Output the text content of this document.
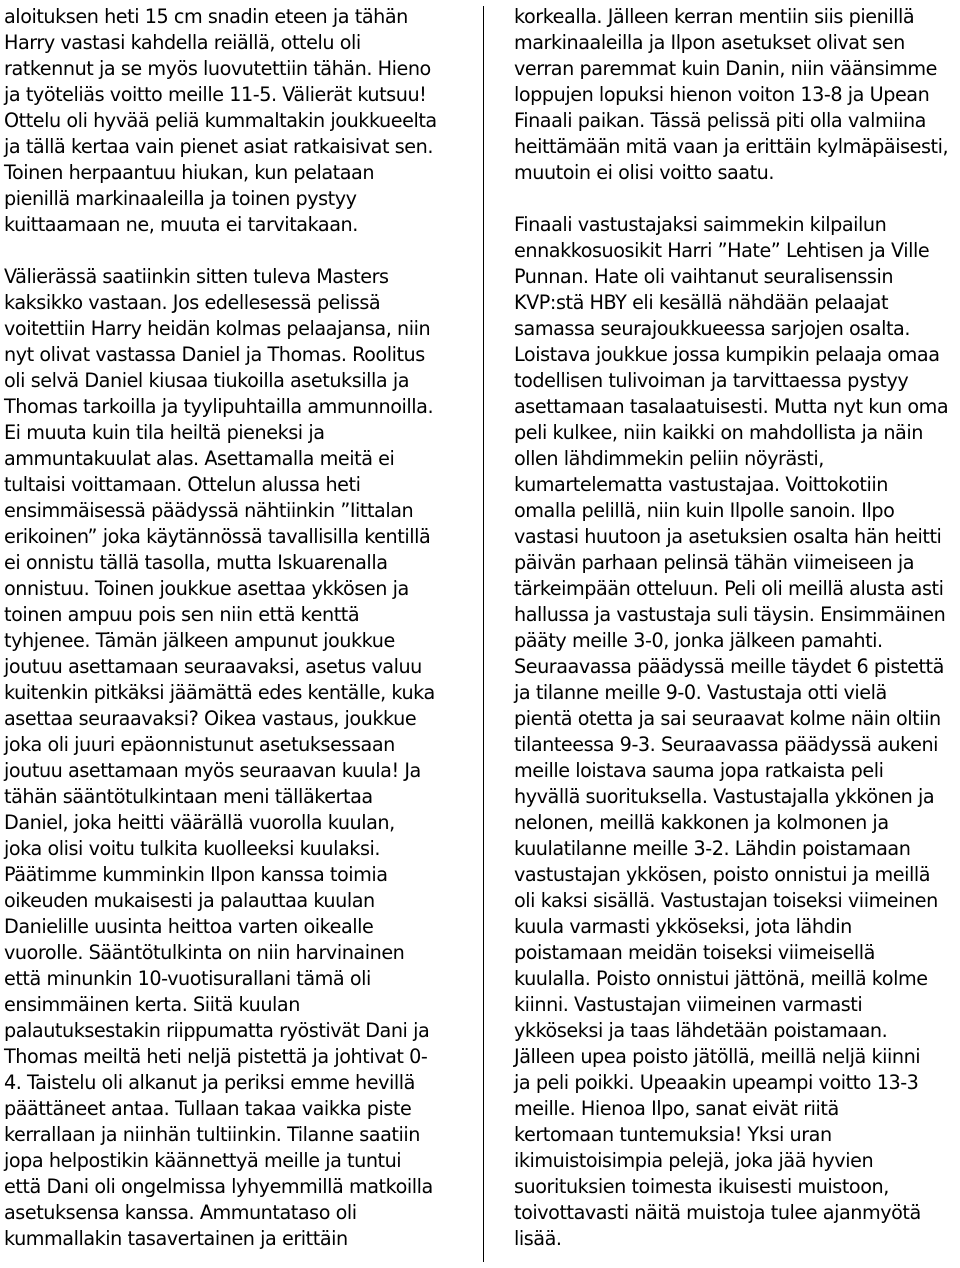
aloituksen heti 15 cm snadin eteen ja tähän
Harry vastasi kahdella reiällä, ottelu oli
ratkennut ja se myös luovutettiin tähän. Hieno
ja työteliäs voitto meille 11-5. Välierät kutsuu!
Ottelu oli hyvää peliä kummaltakin joukkueelta
ja tällä kertaa vain pienet asiat ratkaisivat sen.
Toinen herpaantuu hiukan, kun pelataan
pienillä markinaaleilla ja toinen pystyy
kuittaamaan ne, muuta ei tarvitakaan.
Välierässä saatiinkin sitten tuleva Masters
kaksikko vastaan. Jos edellesessä pelissä
voitettiin Harry heidän kolmas pelaajansa, niin
nyt olivat vastassa Daniel ja Thomas. Roolitus
oli selvä Daniel kiusaa tiukoilla asetuksilla ja
Thomas tarkoilla ja tyylipuhtailla ammunnoilla.
Ei muuta kuin tila heiltä pieneksi ja
ammuntakuulat alas. Asettamalla meitä ei
tultaisi voittamaan. Ottelun alussa heti
ensimmäisessä päädyssä nähtiinkin ”Iittalan
erikoinen” joka käytännössä tavallisilla kentillä
ei onnistu tällä tasolla, mutta Iskuarenalla
onnistuu. Toinen joukkue asettaa ykkösen ja
toinen ampuu pois sen niin että kenttä
tyhjenee. Tämän jälkeen ampunut joukkue
joutuu asettamaan seuraavaksi, asetus valuu
kuitenkin pitkäksi jäämättä edes kentälle, kuka
asettaa seuraavaksi? Oikea vastaus, joukkue
joka oli juuri epäonnistunut asetuksessaan
joutuu asettamaan myös seuraavan kuula! Ja
tähän sääntötulkintaan meni tälläkertaa
Daniel, joka heitti väärällä vuorolla kuulan,
joka olisi voitu tulkita kuolleeksi kuulaksi.
Päätimme kumminkin Ilpon kanssa toimia
oikeuden mukaisesti ja palauttaa kuulan
Danielille uusinta heittoa varten oikealle
vuorolle. Sääntötulkinta on niin harvinainen
että minunkin 10-vuotisurallani tämä oli
ensimmäinen kerta. Siitä kuulan
palautuksestakin riippumatta ryöstivät Dani ja
Thomas meiltä heti neljä pistettä ja johtivat 0-
4. Taistelu oli alkanut ja periksi emme hevillä
päättäneet antaa. Tullaan takaa vaikka piste
kerrallaan ja niinhän tultiinkin. Tilanne saatiin
jopa helpostikin käännettyä meille ja tuntui
että Dani oli ongelmissa lyhyemmillä matkoilla
asetuksensa kanssa. Ammuntataso oli
kummallakin tasavertainen ja erittäin
korkealla. Jälleen kerran mentiin siis pienillä
markinaaleilla ja Ilpon asetukset olivat sen
verran paremmat kuin Danin, niin väänsimme
loppujen lopuksi hienon voiton 13-8 ja Upean
Finaali paikan. Tässä pelissä piti olla valmiina
heittämään mitä vaan ja erittäin kylmäpäisesti,
muutoin ei olisi voitto saatu.
Finaali vastustajaksi saimmekin kilpailun
ennakkosuosikit Harri ”Hate” Lehtisen ja Ville
Punnan. Hate oli vaihtanut seuralisenssin
KVP:stä HBY eli kesällä nähdään pelaajat
samassa seurajoukkueessa sarjojen osalta.
Loistava joukkue jossa kumpikin pelaaja omaa
todellisen tulivoiman ja tarvittaessa pystyy
asettamaan tasalaatuisesti. Mutta nyt kun oma
peli kulkee, niin kaikki on mahdollista ja näin
ollen lähdimmekin peliin nöyrästi,
kumartelematta vastustajaa. Voittokotiin
omalla pelillä, niin kuin Ilpolle sanoin. Ilpo
vastasi huutoon ja asetuksien osalta hän heitti
päivän parhaan pelinsä tähän viimeiseen ja
tärkeimpään otteluun. Peli oli meillä alusta asti
hallussa ja vastustaja suli täysin. Ensimmäinen
pääty meille 3-0, jonka jälkeen pamahti.
Seuraavassa päädyssä meille täydet 6 pistettä
ja tilanne meille 9-0. Vastustaja otti vielä
pientä otetta ja sai seuraavat kolme näin oltiin
tilanteessa 9-3. Seuraavassa päädyssä aukeni
meille loistava sauma jopa ratkaista peli
hyvällä suorituksella. Vastustajalla ykkönen ja
nelonen, meillä kakkonen ja kolmonen ja
kuulatilanne meille 3-2. Lähdin poistamaan
vastustajan ykkösen, poisto onnistui ja meillä
oli kaksi sisällä. Vastustajan toiseksi viimeinen
kuula varmasti ykköseksi, jota lähdin
poistamaan meidän toiseksi viimeisellä
kuulalla. Poisto onnistui jättönä, meillä kolme
kiinni. Vastustajan viimeinen varmasti
ykköseksi ja taas lähdetään poistamaan.
Jälleen upea poisto jätöllä, meillä neljä kiinni
ja peli poikki. Upeaakin upeampi voitto 13-3
meille. Hienoa Ilpo, sanat eivät riitä
kertomaan tuntemuksia! Yksi uran
ikimuistoisimpia pelejä, joka jää hyvien
suorituksien toimesta ikuisesti muistoon,
toivottavasti näitä muistoja tulee ajanmyötä
lisää.
